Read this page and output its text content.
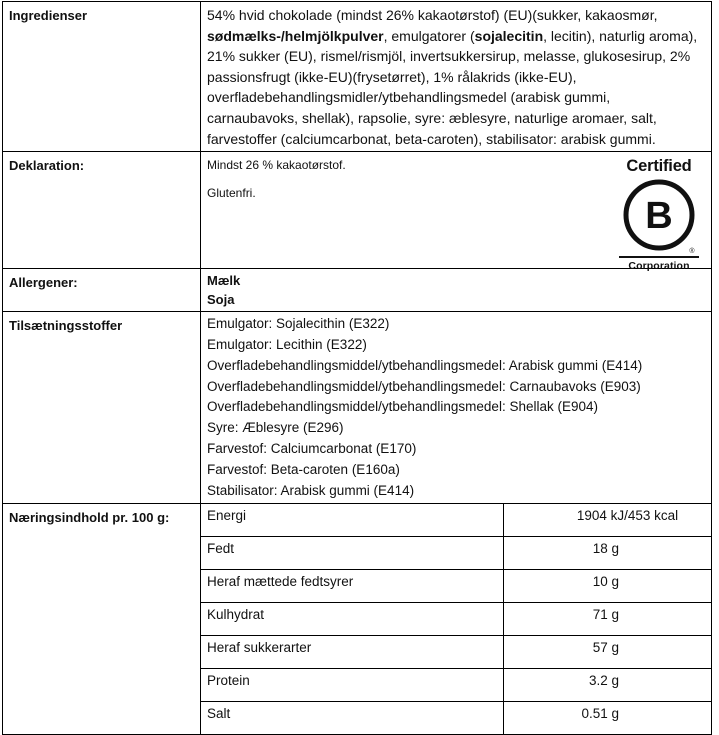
Ingredienser	54% hvid chokolade (mindst 26% kakaotørstof) (EU)(sukker, kakaosmør, sødmælks-/helmjölkpulver, emulgatorer (sojalecitin, lecitin), naturlig aroma), 21% sukker (EU), rismel/rismjöl, invertsukkersirup, melasse, glukosesirup, 2% passionsfrugt (ikke-EU)(frysetørret), 1% rålakrids (ikke-EU), overfladebehandlingsmidler/ytbehandlingsmedel (arabisk gummi, carnaubavoks, shellak), rapsolie, syre: æblesyre, naturlige aromaer, salt, farvestoffer (calciumcarbonat, beta-caroten), stabilisator: arabisk gummi.

Deklaration:	Mindst 26 % kakaotørstof.
Glutenfri.
Certified
B
®
Corporation

Allergener:	Mælk
Soja

Tilsætningsstoffer	Emulgator: Sojalecithin (E322)
Emulgator: Lecithin (E322)
Overfladebehandlingsmiddel/ytbehandlingsmedel: Arabisk gummi (E414)
Overfladebehandlingsmiddel/ytbehandlingsmedel: Carnaubavoks (E903)
Overfladebehandlingsmiddel/ytbehandlingsmedel: Shellak (E904)
Syre: Æblesyre (E296)
Farvestof: Calciumcarbonat (E170)
Farvestof: Beta-caroten (E160a)
Stabilisator: Arabisk gummi (E414)

Næringsindhold pr. 100 g:		Energi	1904 kJ/453 kcal
Fedt	18 g
Heraf mættede fedtsyrer	10 g
Kulhydrat	71 g
Heraf sukkerarter	57 g
Protein	3.2 g
Salt	0.51 g
